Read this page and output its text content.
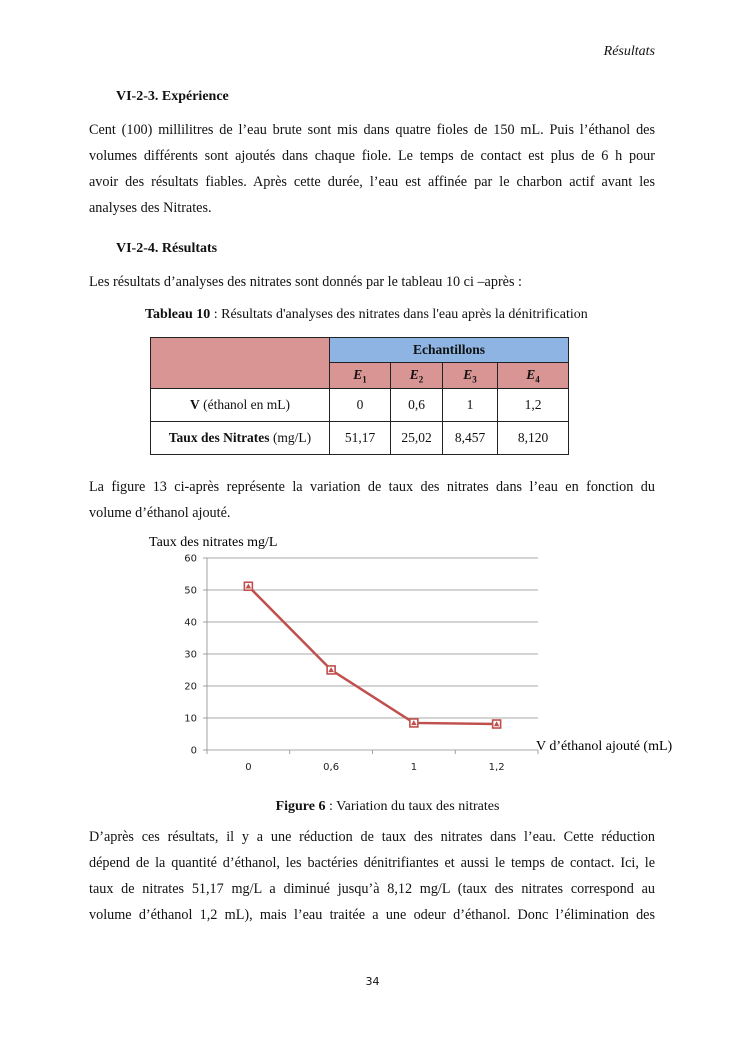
Résultats
VI-2-3. Expérience
Cent (100) millilitres de l’eau brute sont mis dans quatre fioles de 150 mL. Puis l’éthanol des
volumes différents sont ajoutés dans chaque fiole. Le temps de contact est plus de 6 h pour
avoir des résultats fiables. Après cette durée, l’eau est affinée par le charbon actif avant les
analyses des Nitrates.
VI-2-4. Résultats
Les résultats d’analyses des nitrates sont donnés par le tableau 10 ci –après :
Tableau 10 : Résultats d'analyses des nitrates dans l'eau après la dénitrification
	Echantillons			
	$E_1$	$E_2$	$E_3$	$E_4$
V (éthanol en mL)	0	0,6	1	1,2
Taux des Nitrates (mg/L)	51,17	25,02	8,457	8,120
La figure 13 ci-après représente la variation de taux des nitrates dans l’eau en fonction du
volume d’éthanol ajouté.
Taux des nitrates mg/L
V d’éthanol ajouté (mL)
0
10
20
30
40
50
60
0	0,6	1	1,2
Figure 6 : Variation du taux des nitrates
D’après ces résultats, il y a une réduction de taux des nitrates dans l’eau. Cette réduction
dépend de la quantité d’éthanol, les bactéries dénitrifiantes et aussi le temps de contact. Ici, le
taux de nitrates 51,17 mg/L a diminué jusqu’à 8,12 mg/L (taux des nitrates correspond au
volume d’éthanol 1,2 mL), mais l’eau traitée a une odeur d’éthanol. Donc l’élimination des
34
